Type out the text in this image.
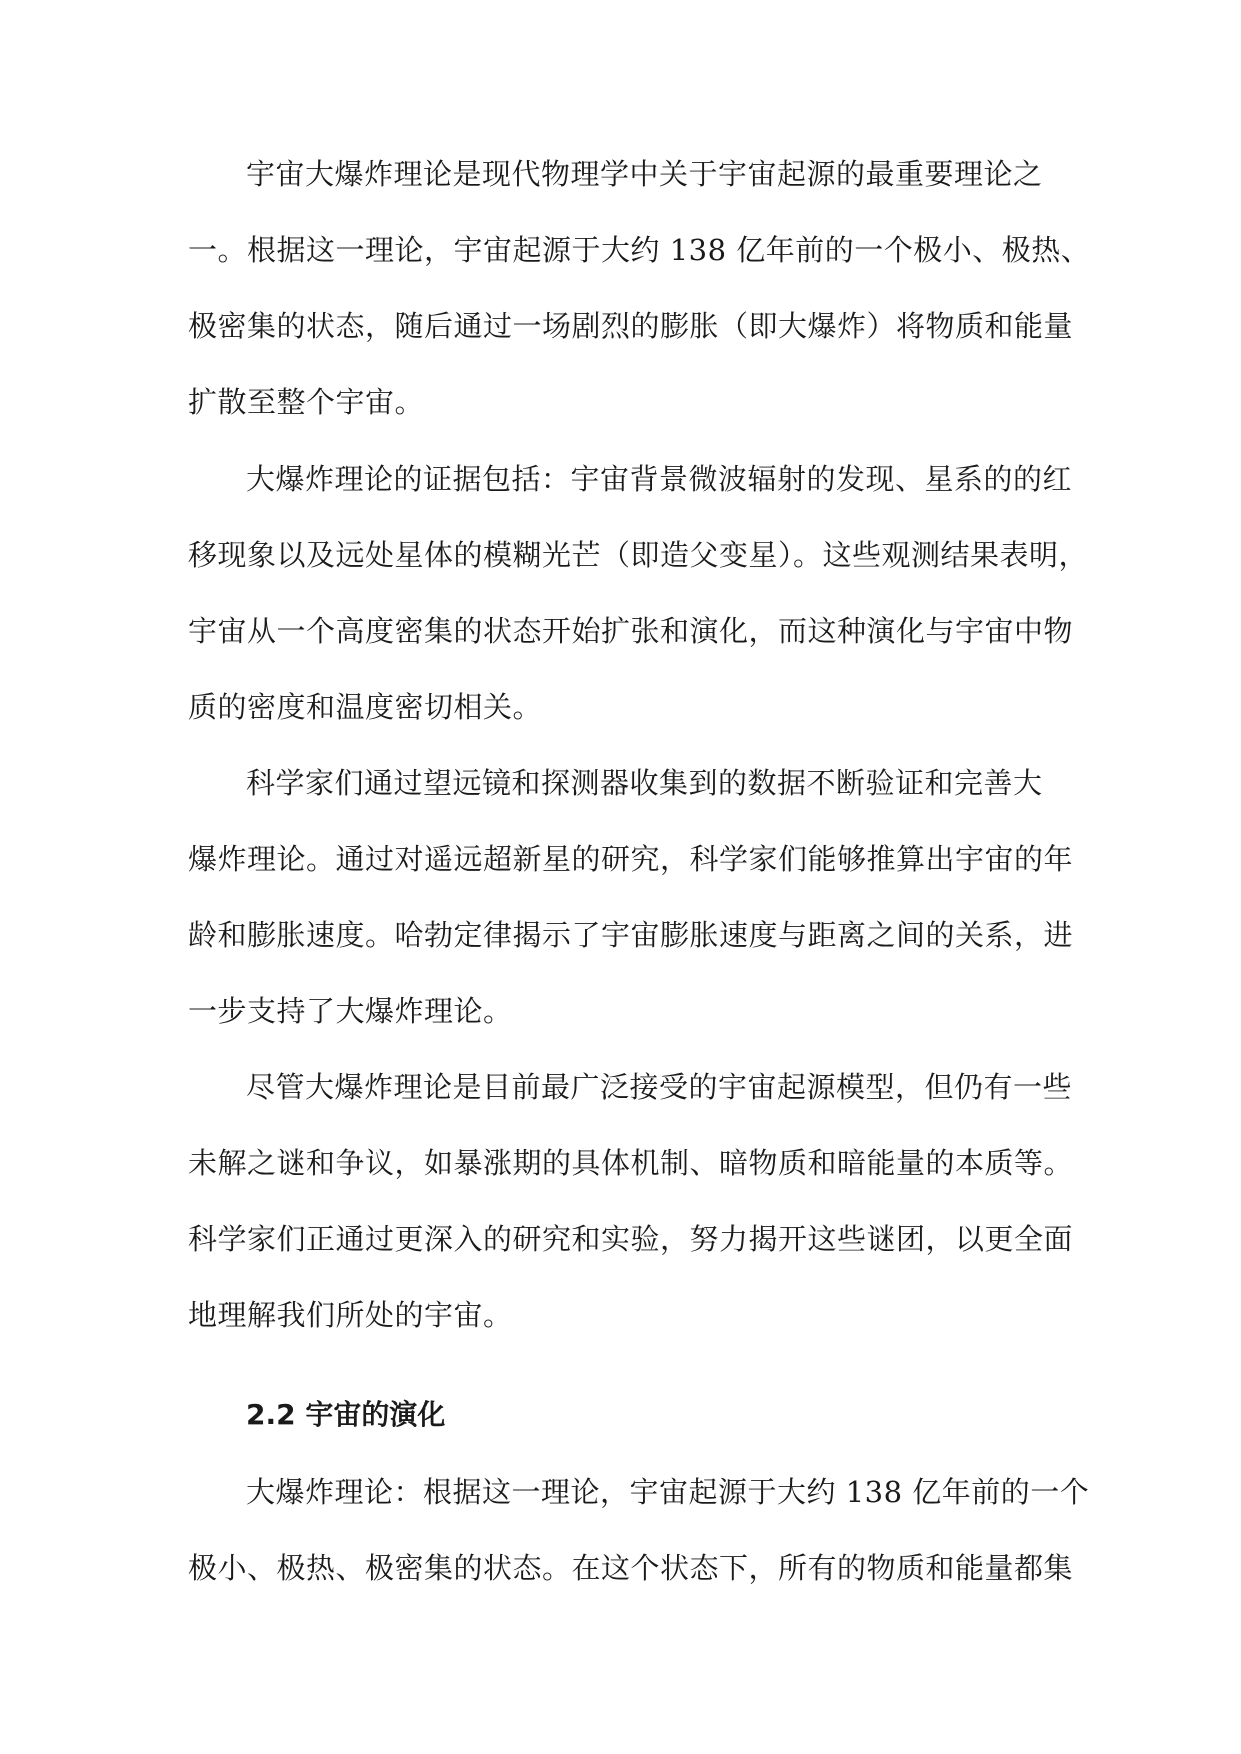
宇宙大爆炸理论是现代物理学中关于宇宙起源的最重要理论之
一。根据这一理论，宇宙起源于大约 138 亿年前的一个极小、极热、
极密集的状态，随后通过一场剧烈的膨胀（即大爆炸）将物质和能量
扩散至整个宇宙。
大爆炸理论的证据包括：宇宙背景微波辐射的发现、星系的的红
移现象以及远处星体的模糊光芒（即造父变星）。这些观测结果表明，
宇宙从一个高度密集的状态开始扩张和演化，而这种演化与宇宙中物
质的密度和温度密切相关。
科学家们通过望远镜和探测器收集到的数据不断验证和完善大
爆炸理论。通过对遥远超新星的研究，科学家们能够推算出宇宙的年
龄和膨胀速度。哈勃定律揭示了宇宙膨胀速度与距离之间的关系，进
一步支持了大爆炸理论。
尽管大爆炸理论是目前最广泛接受的宇宙起源模型，但仍有一些
未解之谜和争议，如暴涨期的具体机制、暗物质和暗能量的本质等。
科学家们正通过更深入的研究和实验，努力揭开这些谜团，以更全面
地理解我们所处的宇宙。
2.2 宇宙的演化
大爆炸理论：根据这一理论，宇宙起源于大约 138 亿年前的一个
极小、极热、极密集的状态。在这个状态下，所有的物质和能量都集
